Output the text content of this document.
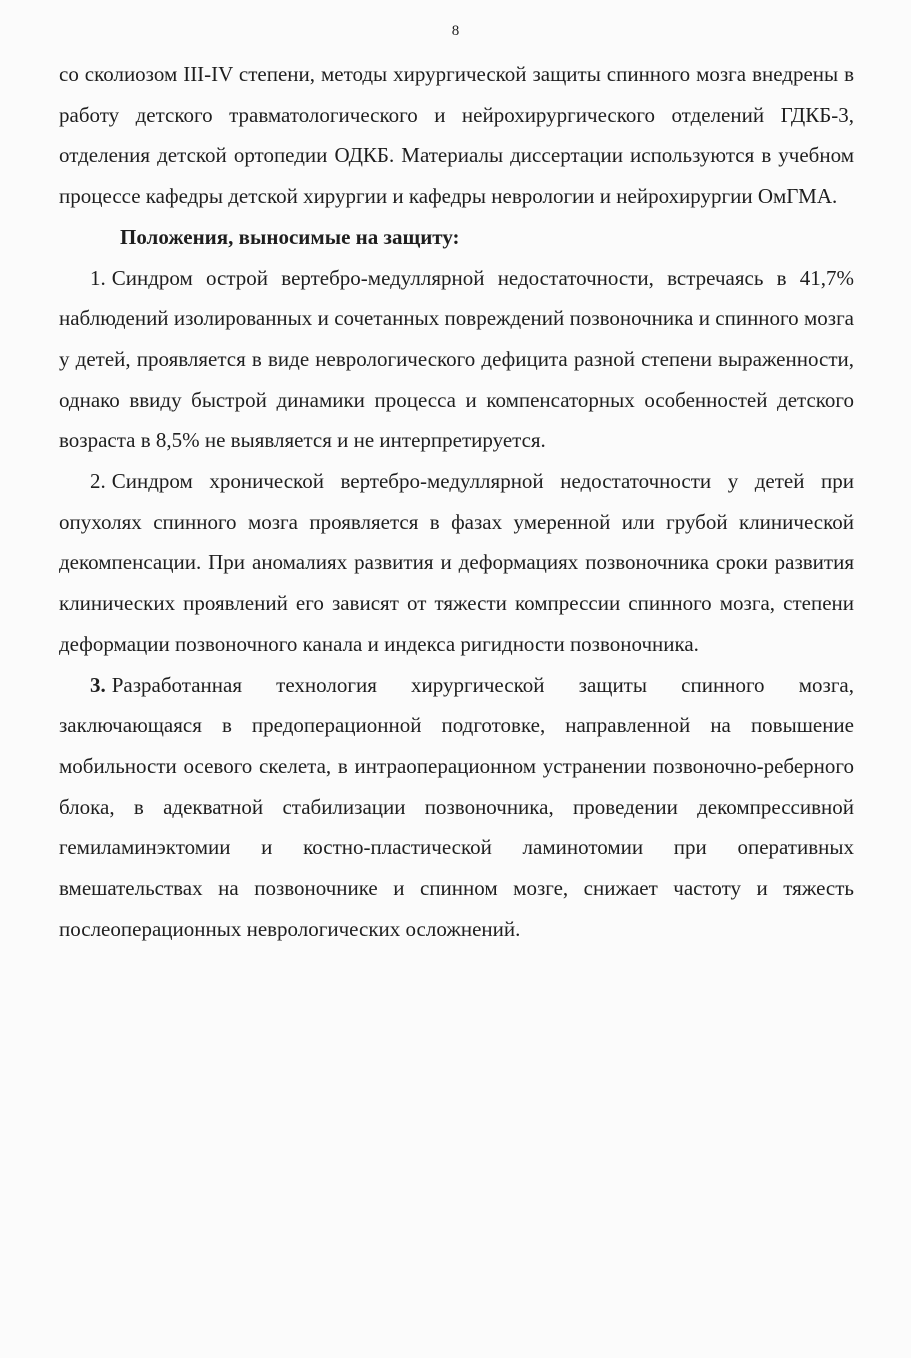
8

со сколиозом III-IV степени, методы хирургической защиты спинного мозга внедрены в работу детского травматологического и нейрохирургического отделений ГДКБ-3, отделения детской ортопедии ОДКБ. Материалы диссертации используются в учебном процессе кафедры детской хирургии и кафедры неврологии и нейрохирургии ОмГМА.

Положения, выносимые на защиту:

1. Синдром острой вертебро-медуллярной недостаточности, встречаясь в 41,7% наблюдений изолированных и сочетанных повреждений позвоночника и спинного мозга у детей, проявляется в виде неврологического дефицита разной степени выраженности, однако ввиду быстрой динамики процесса и компенсаторных особенностей детского возраста в 8,5% не выявляется и не интерпретируется.

2. Синдром хронической вертебро-медуллярной недостаточности у детей при опухолях спинного мозга проявляется в фазах умеренной или грубой клинической декомпенсации. При аномалиях развития и деформациях позвоночника сроки развития клинических проявлений его зависят от тяжести компрессии спинного мозга, степени деформации позвоночного канала и индекса ригидности позвоночника.

3. Разработанная технология хирургической защиты спинного мозга, заключающаяся в предоперационной подготовке, направленной на повышение мобильности осевого скелета, в интраоперационном устранении позвоночно-реберного блока, в адекватной стабилизации позвоночника, проведении декомпрессивной гемиламинэктомии и костно-пластической ламинотомии при оперативных вмешательствах на позвоночнике и спинном мозге, снижает частоту и тяжесть послеоперационных неврологических осложнений.
